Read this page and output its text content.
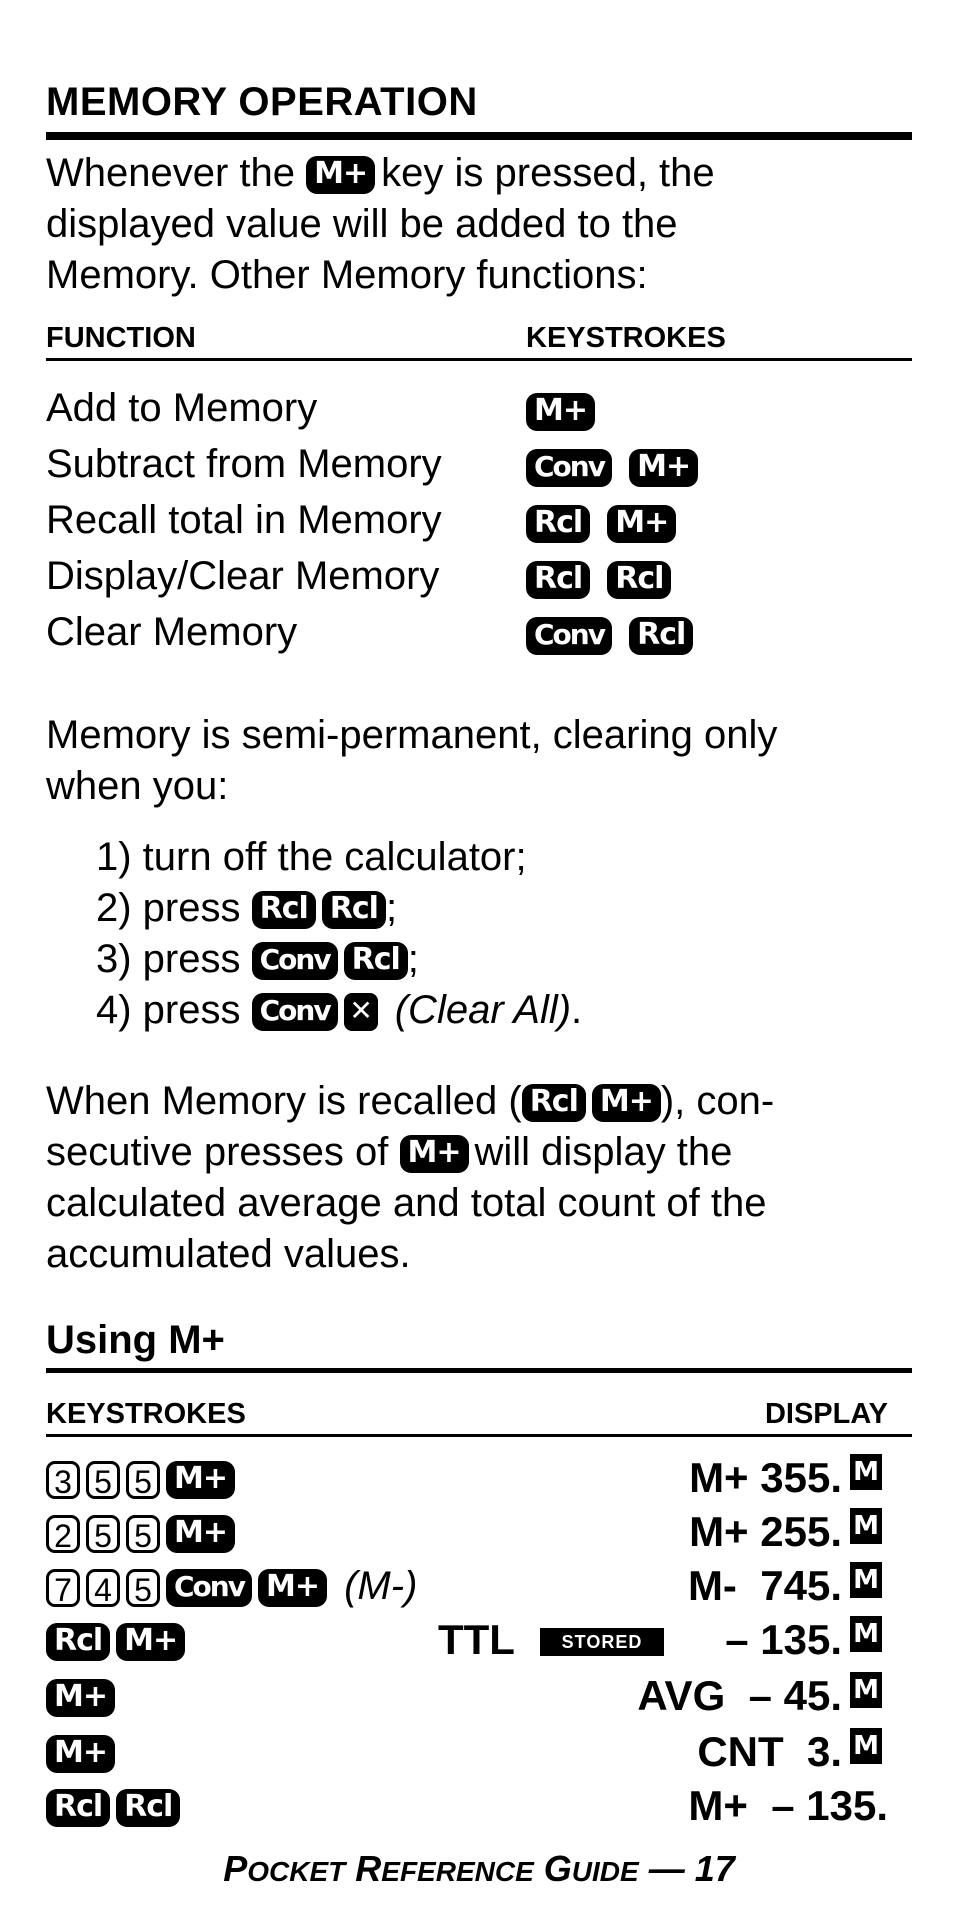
MEMORY OPERATION
Whenever the M+ key is pressed, the
displayed value will be added to the
Memory. Other Memory functions:
FUNCTION	KEYSTROKES
Add to Memory	M+
Subtract from Memory	Conv M+
Recall total in Memory	Rcl M+
Display/Clear Memory	Rcl Rcl
Clear Memory	Conv Rcl
Memory is semi-permanent, clearing only
when you:
1) turn off the calculator;
2) press Rcl Rcl ;
3) press Conv Rcl ;
4) press Conv ✕ (Clear All).
When Memory is recalled ( Rcl M+ ), con-
secutive presses of M+ will display the
calculated average and total count of the
accumulated values.
Using M+
KEYSTROKES	DISPLAY
3 5 5 M+	M+ 355. M
2 5 5 M+	M+ 255. M
7 4 5 Conv M+ (M-)	M-  745. M
Rcl M+	TTL	STORED	– 135. M
M+	AVG  – 45. M
M+	CNT  3. M
Rcl Rcl	M+  – 135.
POCKET REFERENCE GUIDE — 17
